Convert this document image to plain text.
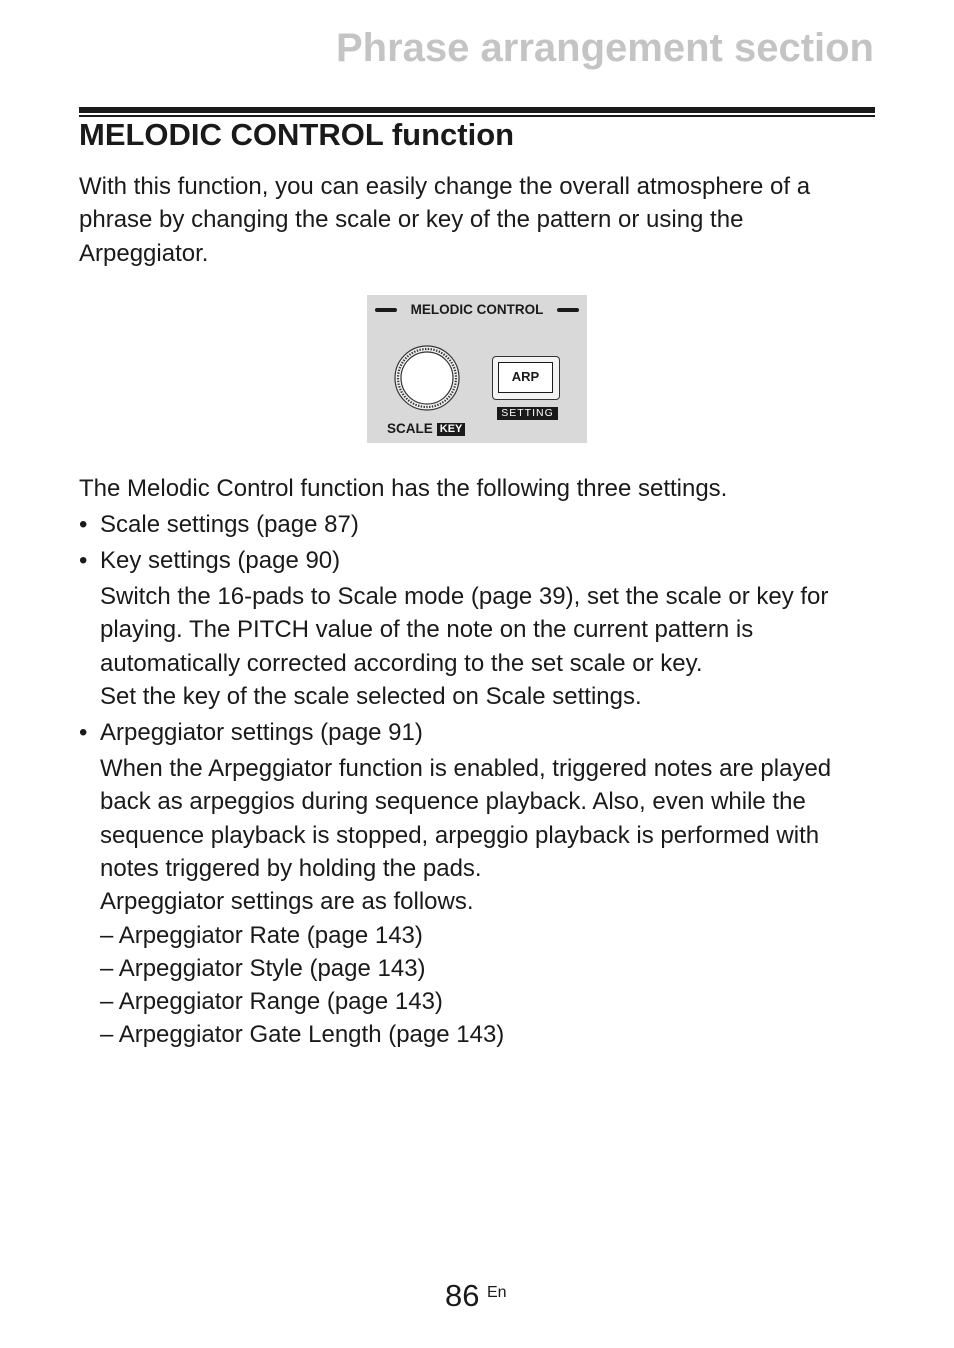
Phrase arrangement section
MELODIC CONTROL function
With this function, you can easily change the overall atmosphere of a
phrase by changing the scale or key of the pattern or using the
Arpeggiator.
MELODIC CONTROL
ARP
SETTING
SCALE KEY
The Melodic Control function has the following three settings.
• Scale settings (page 87)
• Key settings (page 90)
Switch the 16-pads to Scale mode (page 39), set the scale or key for
playing. The PITCH value of the note on the current pattern is
automatically corrected according to the set scale or key.
Set the key of the scale selected on Scale settings.
• Arpeggiator settings (page 91)
When the Arpeggiator function is enabled, triggered notes are played
back as arpeggios during sequence playback. Also, even while the
sequence playback is stopped, arpeggio playback is performed with
notes triggered by holding the pads.
Arpeggiator settings are as follows.
– Arpeggiator Rate (page 143)
– Arpeggiator Style (page 143)
– Arpeggiator Range (page 143)
– Arpeggiator Gate Length (page 143)
86 En
